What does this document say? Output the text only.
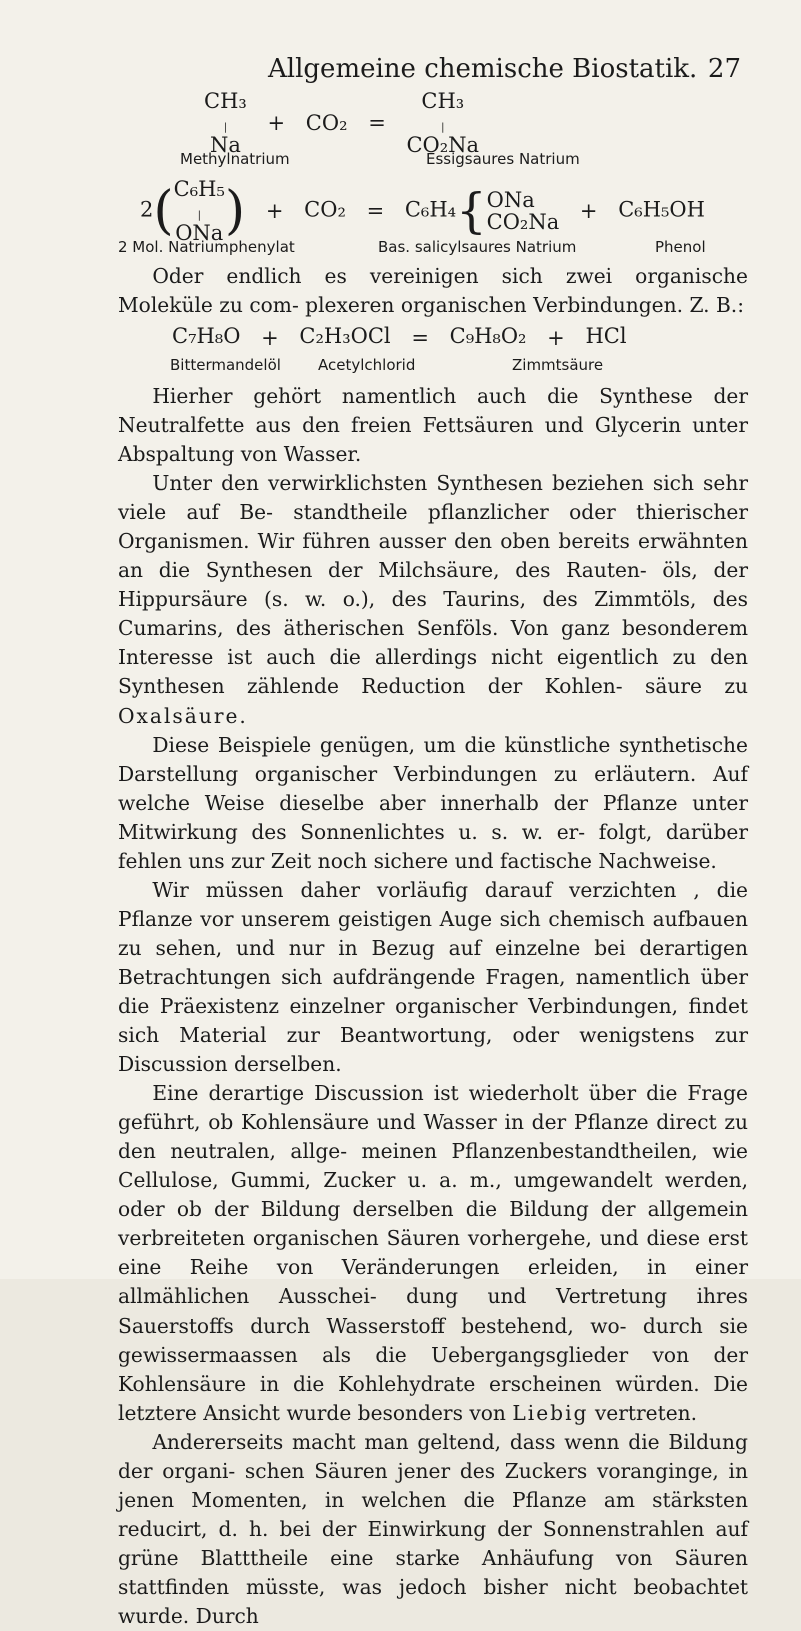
Allgemeine chemische Biostatik. 27
CH₃
|
Na + CO₂ = CH₃
|
CO₂Na
Methylnatrium	Essigsaures Natrium
2(C₆H₅
|
ONa) + CO₂ = C₆H₄{ONa
CO₂Na + C₆H₅OH
2 Mol. Natriumphenylat	Bas. salicylsaures Natrium	Phenol

Oder endlich es vereinigen sich zwei organische Moleküle zu com- plexeren organischen Verbindungen. Z. B.:

C₇H₈O + C₂H₃OCl = C₉H₈O₂ + HCl
Bittermandelöl Acetylchlorid	Zimmtsäure

Hierher gehört namentlich auch die Synthese der Neutralfette aus den freien Fettsäuren und Glycerin unter Abspaltung von Wasser.

Unter den verwirklichsten Synthesen beziehen sich sehr viele auf Be- standtheile pflanzlicher oder thierischer Organismen. Wir führen ausser den oben bereits erwähnten an die Synthesen der Milchsäure, des Rauten- öls, der Hippursäure (s. w. o.), des Taurins, des Zimmtöls, des Cumarins, des ätherischen Senföls. Von ganz besonderem Interesse ist auch die allerdings nicht eigentlich zu den Synthesen zählende Reduction der Kohlen- säure zu Oxalsäure.

Diese Beispiele genügen, um die künstliche synthetische Darstellung organischer Verbindungen zu erläutern. Auf welche Weise dieselbe aber innerhalb der Pflanze unter Mitwirkung des Sonnenlichtes u. s. w. er- folgt, darüber fehlen uns zur Zeit noch sichere und factische Nachweise.

Wir müssen daher vorläufig darauf verzichten , die Pflanze vor unserem geistigen Auge sich chemisch aufbauen zu sehen, und nur in Bezug auf einzelne bei derartigen Betrachtungen sich aufdrängende Fragen, namentlich über die Präexistenz einzelner organischer Verbindungen, findet sich Material zur Beantwortung, oder wenigstens zur Discussion derselben.

Eine derartige Discussion ist wiederholt über die Frage geführt, ob Kohlensäure und Wasser in der Pflanze direct zu den neutralen, allge- meinen Pflanzenbestandtheilen, wie Cellulose, Gummi, Zucker u. a. m., umgewandelt werden, oder ob der Bildung derselben die Bildung der allgemein verbreiteten organischen Säuren vorhergehe, und diese erst eine Reihe von Veränderungen erleiden, in einer allmählichen Ausschei- dung und Vertretung ihres Sauerstoffs durch Wasserstoff bestehend, wo- durch sie gewissermaassen als die Uebergangsglieder von der Kohlensäure in die Kohlehydrate erscheinen würden. Die letztere Ansicht wurde besonders von Liebig vertreten.

Andererseits macht man geltend, dass wenn die Bildung der organi- schen Säuren jener des Zuckers voranginge, in jenen Momenten, in welchen die Pflanze am stärksten reducirt, d. h. bei der Einwirkung der Sonnenstrahlen auf grüne Blatttheile eine starke Anhäufung von Säuren stattfinden müsste, was jedoch bisher nicht beobachtet wurde. Durch
